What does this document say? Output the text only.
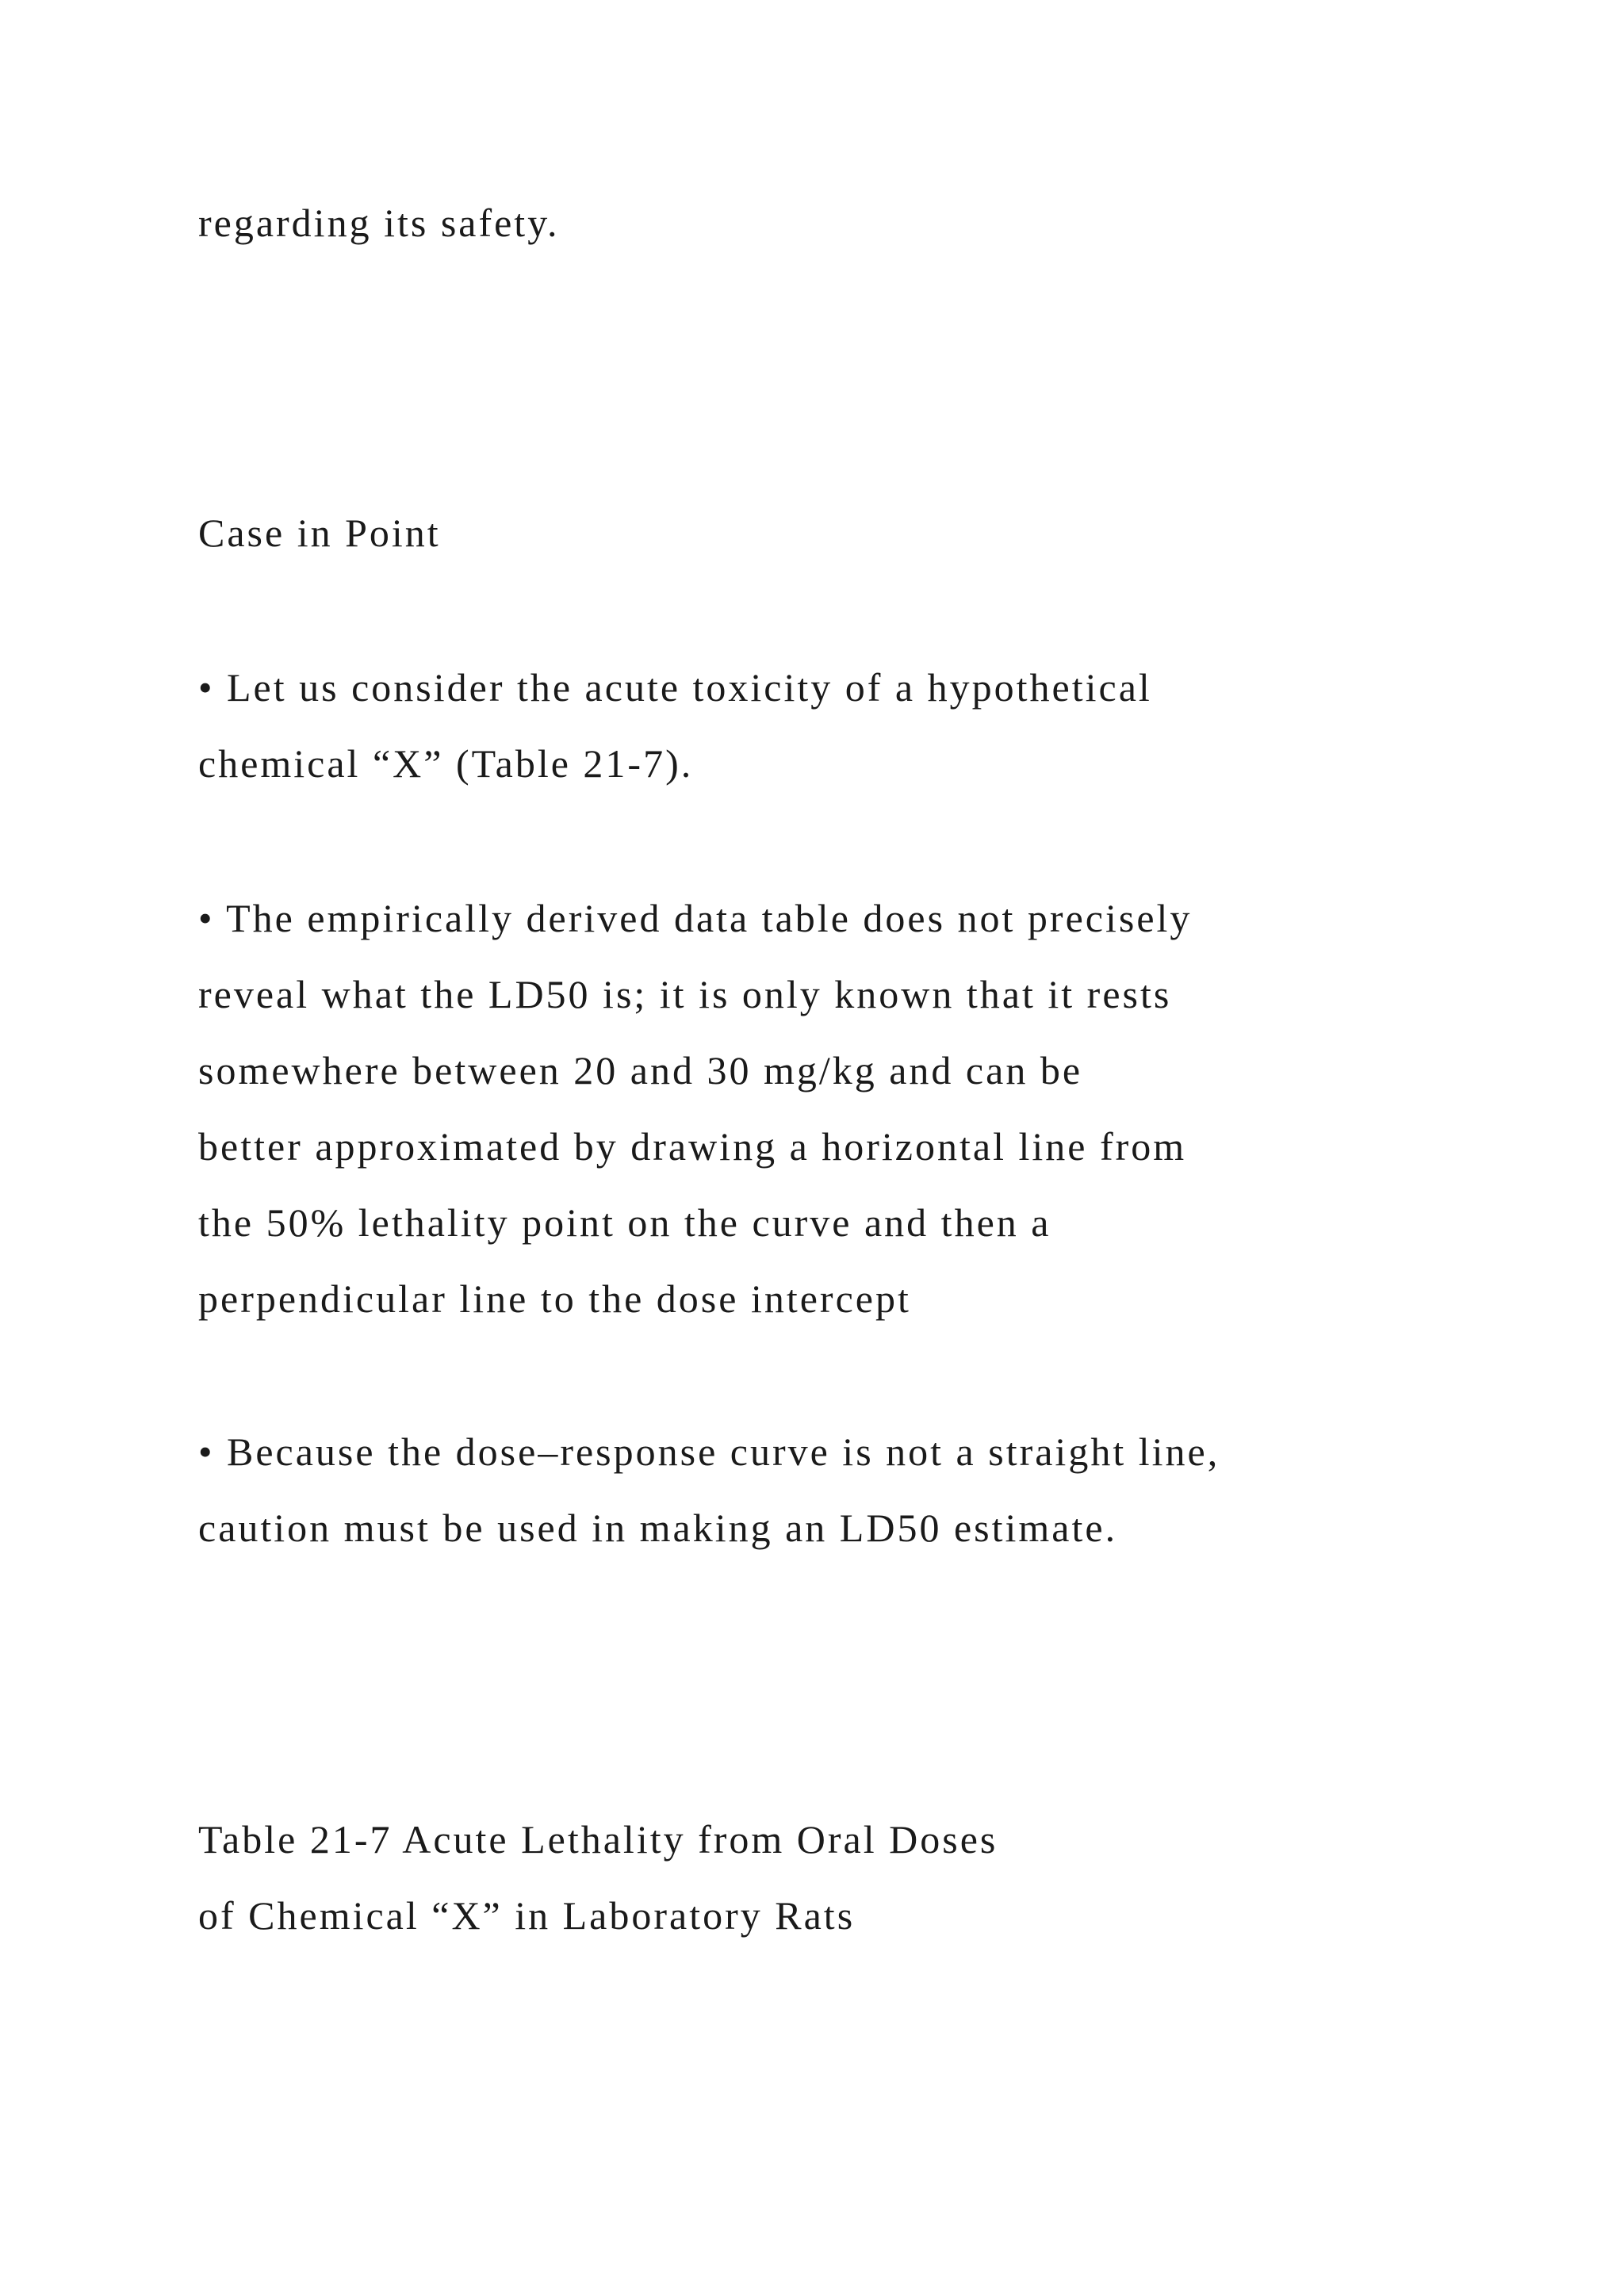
regarding its safety.
Case in Point
• Let us consider the acute toxicity of a hypothetical
chemical “X” (Table 21-7).
• The empirically derived data table does not precisely
reveal what the LD50 is; it is only known that it rests
somewhere between 20 and 30 mg/kg and can be
better approximated by drawing a horizontal line from
the 50% lethality point on the curve and then a
perpendicular line to the dose intercept
• Because the dose–response curve is not a straight line,
caution must be used in making an LD50 estimate.
Table 21-7 Acute Lethality from Oral Doses
of Chemical “X” in Laboratory Rats
